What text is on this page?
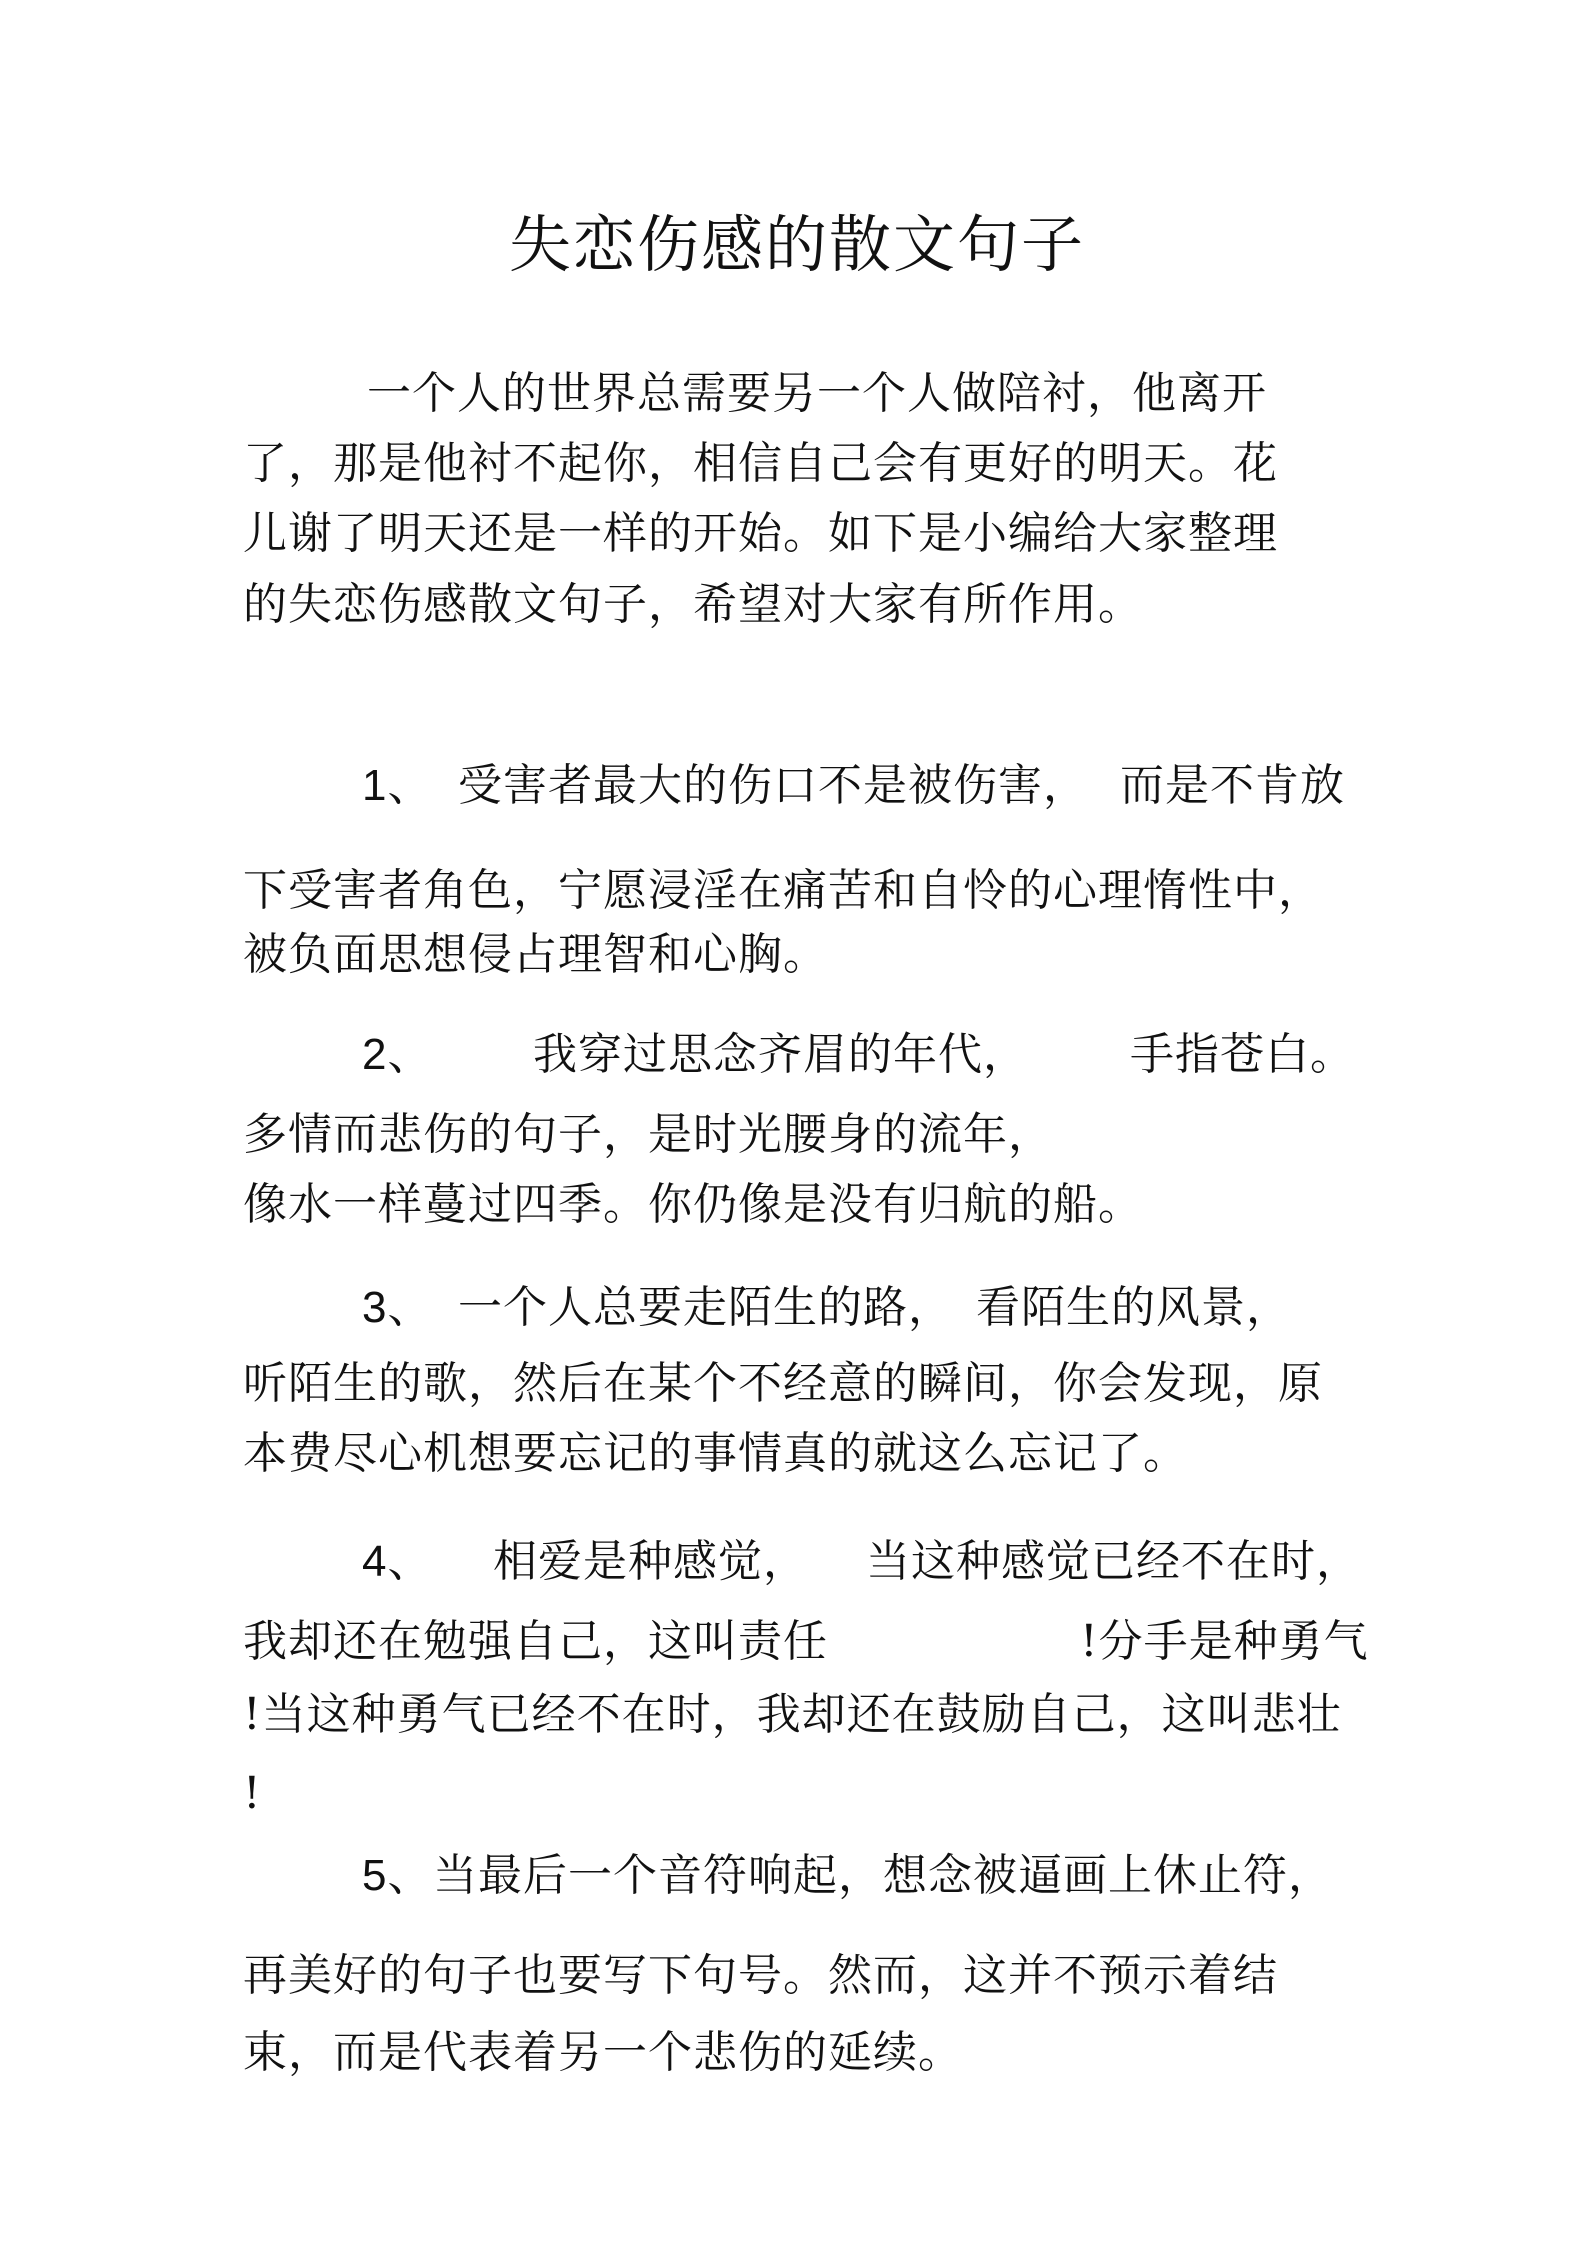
失恋伤感的散文句子
一个人的世界总需要另一个人做陪衬，他离开
了，那是他衬不起你，相信自己会有更好的明天。花
儿谢了明天还是一样的开始。如下是小编给大家整理
的失恋伤感散文句子，希望对大家有所作用。
1、 受害者最大的伤口不是被伤害， 而是不肯放
下受害者角色，宁愿浸淫在痛苦和自怜的心理惰性中，
被负面思想侵占理智和心胸。
2、 我穿过思念齐眉的年代， 手指苍白。
多情而悲伤的句子，是时光腰身的流年，
像水一样蔓过四季。你仍像是没有归航的船。
3、 一个人总要走陌生的路， 看陌生的风景，
听陌生的歌，然后在某个不经意的瞬间，你会发现，原
本费尽心机想要忘记的事情真的就这么忘记了。
4、 相爱是种感觉， 当这种感觉已经不在时，
我却还在勉强自己，这叫责任	!分手是种勇气
!当这种勇气已经不在时，我却还在鼓励自己，这叫悲壮
!
5、 当最后一个音符响起，想念被逼画上休止符，
再美好的句子也要写下句号。然而，这并不预示着结
束，而是代表着另一个悲伤的延续。
